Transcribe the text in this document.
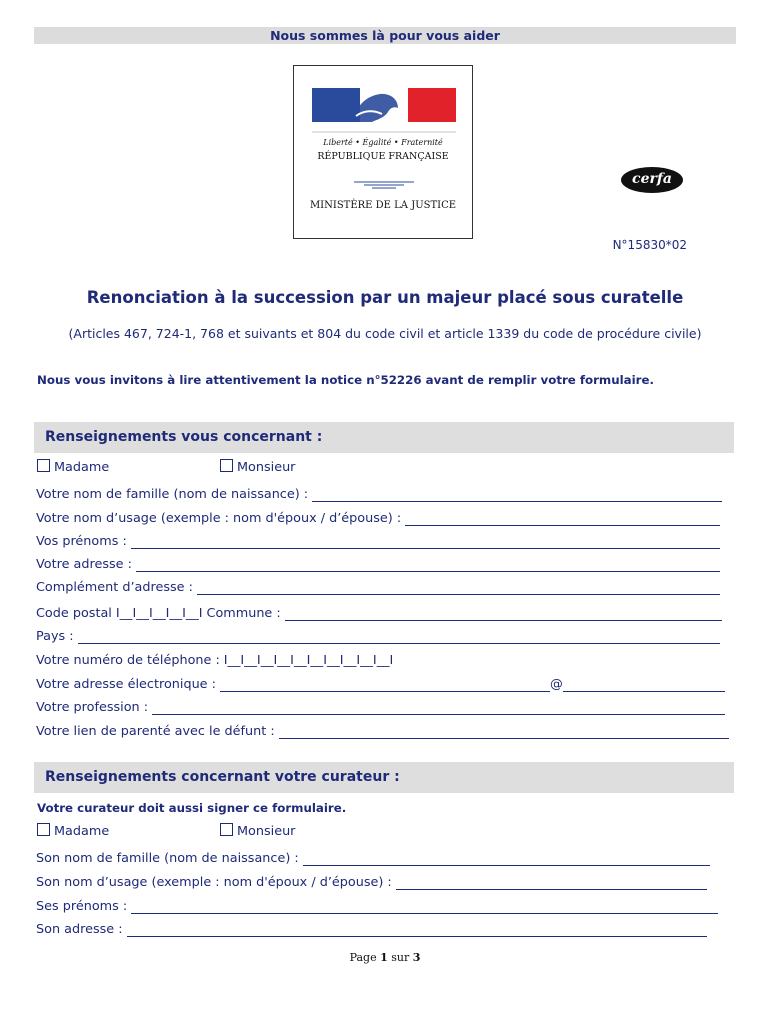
Nous sommes là pour vous aider
Liberté • Égalité • Fraternité
RÉPUBLIQUE FRANÇAISE
MINISTÈRE DE LA JUSTICE
cerfa
N°15830*02
Renonciation à la succession par un majeur placé sous curatelle
(Articles 467, 724-1, 768 et suivants et 804 du code civil et article 1339 du code de procédure civile)
Nous vous invitons à lire attentivement la notice n°52226 avant de remplir votre formulaire.
Renseignements vous concernant :
Madame	Monsieur
Votre nom de famille (nom de naissance) :
Votre nom d’usage (exemple : nom d'époux / d’épouse) :
Vos prénoms :
Votre adresse :
Complément d’adresse :
Code postal I__I__I__I__I__I Commune :
Pays :
Votre numéro de téléphone : I__I__I__I__I__I__I__I__I__I__I
Votre adresse électronique :	@
Votre profession :
Votre lien de parenté avec le défunt :
Renseignements concernant votre curateur :
Votre curateur doit aussi signer ce formulaire.
Madame	Monsieur
Son nom de famille (nom de naissance) :
Son nom d’usage (exemple : nom d'époux / d’épouse) :
Ses prénoms :
Son adresse :
Page 1 sur 3
